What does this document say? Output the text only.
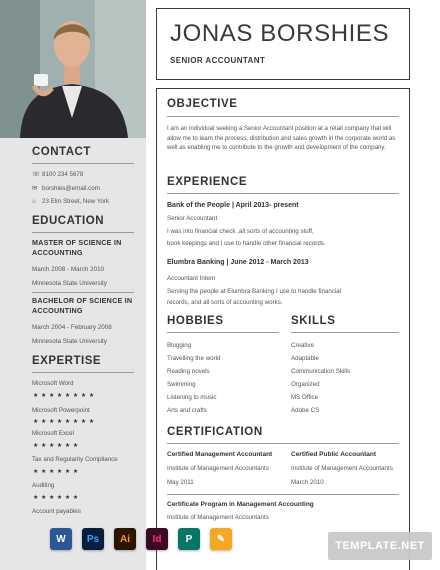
CONTACT
☏ 8100 234 5678
✉ borshies@email.com
⌂ 23 Elm Street, New York
EDUCATION
MASTER OF SCIENCE IN ACCOUNTING
March 2008 - March 2010
Minnesota State University
BACHELOR OF SCIENCE IN ACCOUNTING
March 2004 - February 2008
Minnesota State University
EXPERTISE
Microsoft Word
★★★★★★★★
Microsoft Powerpoint
★★★★★★★★
Microsoft Excel
★★★★★★
Tax and Regularity Compliance
★★★★★★
Auditing
★★★★★★
Account payables
JONAS BORSHIES
SENIOR ACCOUNTANT
OBJECTIVE
I am an individual seeking a Senior Accountant position at a retail company that will allow me to learn the process, distribution and sales growth in the corporate world as well as enabling me to contribute to the growth and development of the company.
EXPERIENCE
Bank of the People | April 2013- present
Senior Accountant
I was into financial check ,all sorts of accounting stuff,
book keepings and I use to handle other financial records.
Elumbra Banking | June 2012 - March 2013
Accountant Intern
Serving the people at Elumbra Banking I use to handle financial
records, and all sorts of accounting works.
HOBBIES
Blogging
Travelling the world
Reading novels
Swimming
Listening to music
Arts and crafts
SKILLS
Creative
Adaptable
Communication Skills
Organized
MS Office
Adobe CS
CERTIFICATION
Certified Management Accountant
Institute of Management Accountants
May 2011
Certified Public Accountant
Institute of Management Accountants
March 2010
Certificate Program in Management Accounting
Institute of Management Accountants
W	Ps	Ai	Id	P	✎
TEMPLATE.NET
